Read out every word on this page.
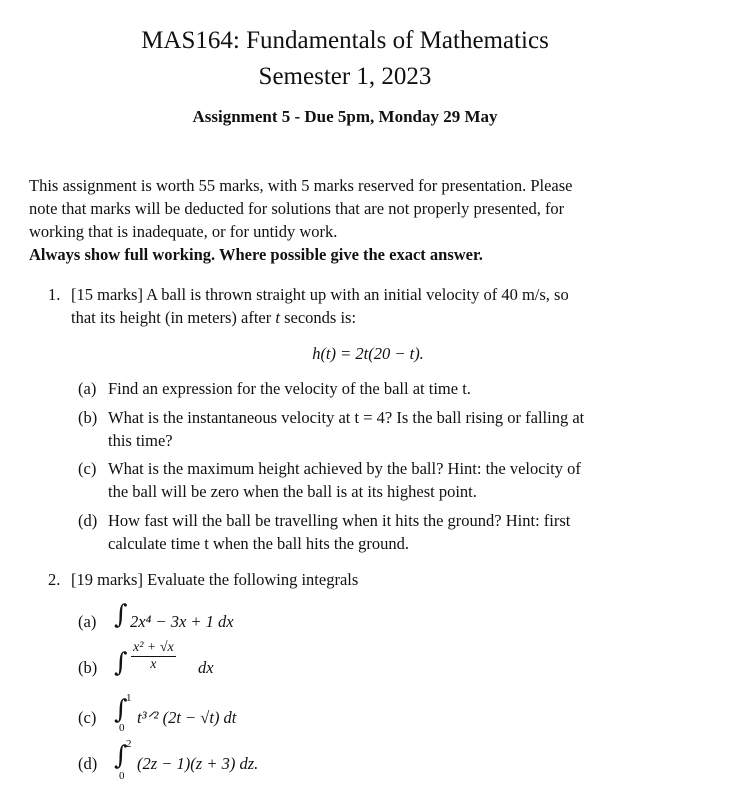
MAS164: Fundamentals of Mathematics
Semester 1, 2023
Assignment 5 - Due 5pm, Monday 29 May
This assignment is worth 55 marks, with 5 marks reserved for presentation. Please
note that marks will be deducted for solutions that are not properly presented, for
working that is inadequate, or for untidy work.
Always show full working. Where possible give the exact answer.
1. [15 marks] A ball is thrown straight up with an initial velocity of 40 m/s, so
that its height (in meters) after t seconds is:
h(t) = 2t(20 − t).
(a) Find an expression for the velocity of the ball at time t.
(b) What is the instantaneous velocity at t = 4? Is the ball rising or falling at
this time?
(c) What is the maximum height achieved by the ball? Hint: the velocity of
the ball will be zero when the ball is at its highest point.
(d) How fast will the ball be travelling when it hits the ground? Hint: first
calculate time t when the ball hits the ground.
2. [19 marks] Evaluate the following integrals
(a) ∫ 2x⁴ − 3x + 1 dx
(b) ∫ $\frac{\text{x² + √x}}{x}$ dx
(c) ∫
1
0
t³ᐟ² (2t − √t) dt
(d) ∫
2
0
(2z − 1)(z + 3) dz.
